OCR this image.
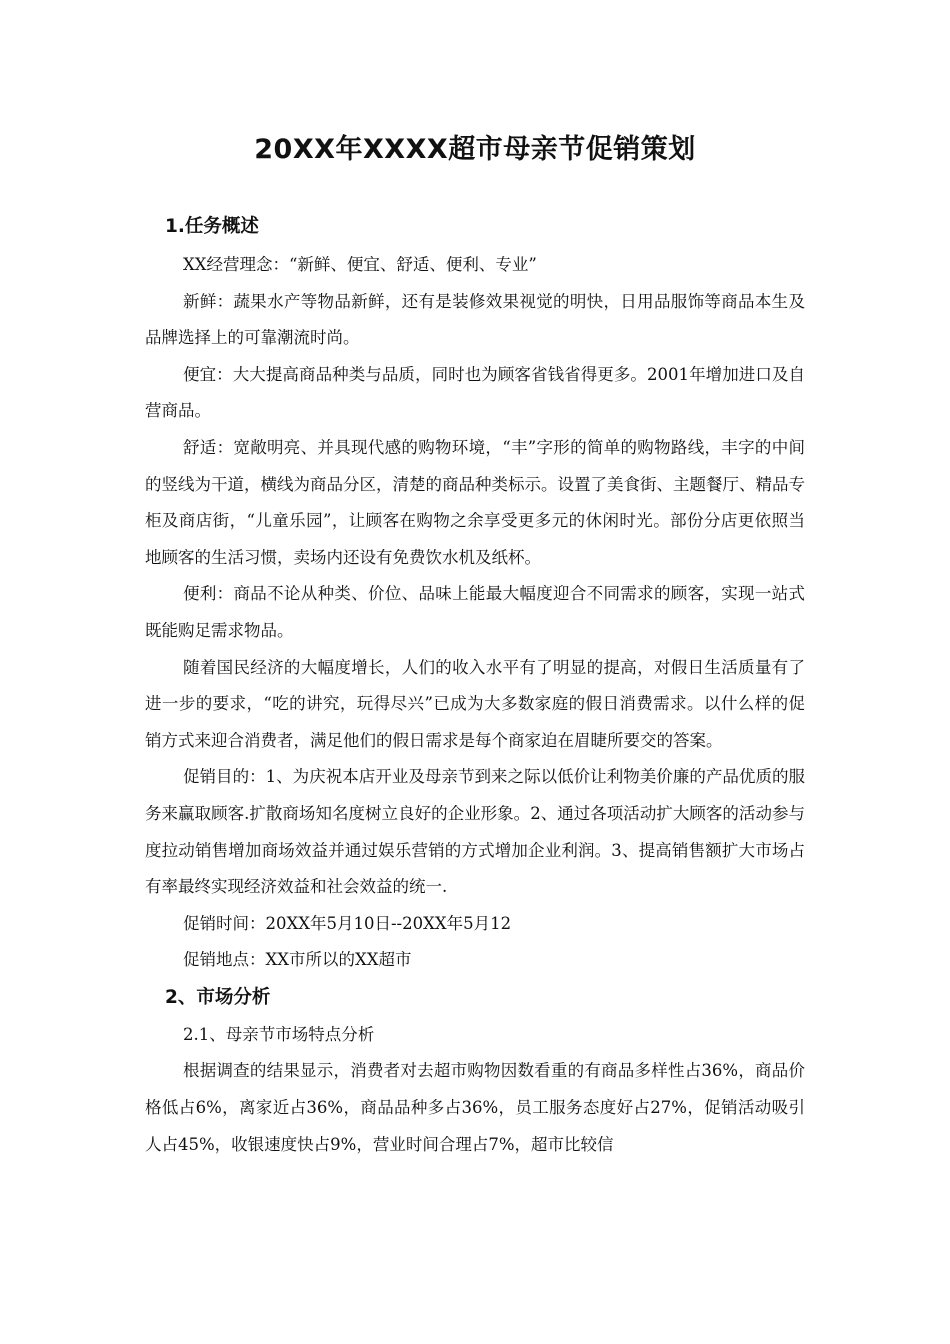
20XX年XXXX超市母亲节促销策划
1.任务概述

XX经营理念：“新鲜、便宜、舒适、便利、专业”

新鲜：蔬果水产等物品新鲜，还有是装修效果视觉的明快，日用品服饰等商品本生及品牌选择上的可靠潮流时尚。

便宜：大大提高商品种类与品质，同时也为顾客省钱省得更多。2001年增加进口及自营商品。

舒适：宽敞明亮、并具现代感的购物环境，“丰”字形的简单的购物路线，丰字的中间的竖线为干道，横线为商品分区，清楚的商品种类标示。设置了美食街、主题餐厅、精品专柜及商店街，“儿童乐园”，让顾客在购物之余享受更多元的休闲时光。部份分店更依照当地顾客的生活习惯，卖场内还设有免费饮水机及纸杯。

便利：商品不论从种类、价位、品味上能最大幅度迎合不同需求的顾客，实现一站式既能购足需求物品。

随着国民经济的大幅度增长，人们的收入水平有了明显的提高，对假日生活质量有了进一步的要求，“吃的讲究，玩得尽兴”已成为大多数家庭的假日消费需求。以什么样的促销方式来迎合消费者，满足他们的假日需求是每个商家迫在眉睫所要交的答案。

促销目的：1、为庆祝本店开业及母亲节到来之际以低价让利物美价廉的产品优质的服务来赢取顾客.扩散商场知名度树立良好的企业形象。2、通过各项活动扩大顾客的活动参与度拉动销售增加商场效益并通过娱乐营销的方式增加企业利润。3、提高销售额扩大市场占有率最终实现经济效益和社会效益的统一.

促销时间：20XX年5月10日--20XX年5月12

促销地点：XX市所以的XX超市

2、市场分析

2.1、母亲节市场特点分析

根据调查的结果显示，消费者对去超市购物因数看重的有商品多样性占36%，商品价格低占6%，离家近占36%，商品品种多占36%，员工服务态度好占27%，促销活动吸引人占45%，收银速度快占9%，营业时间合理占7%，超市比较信
